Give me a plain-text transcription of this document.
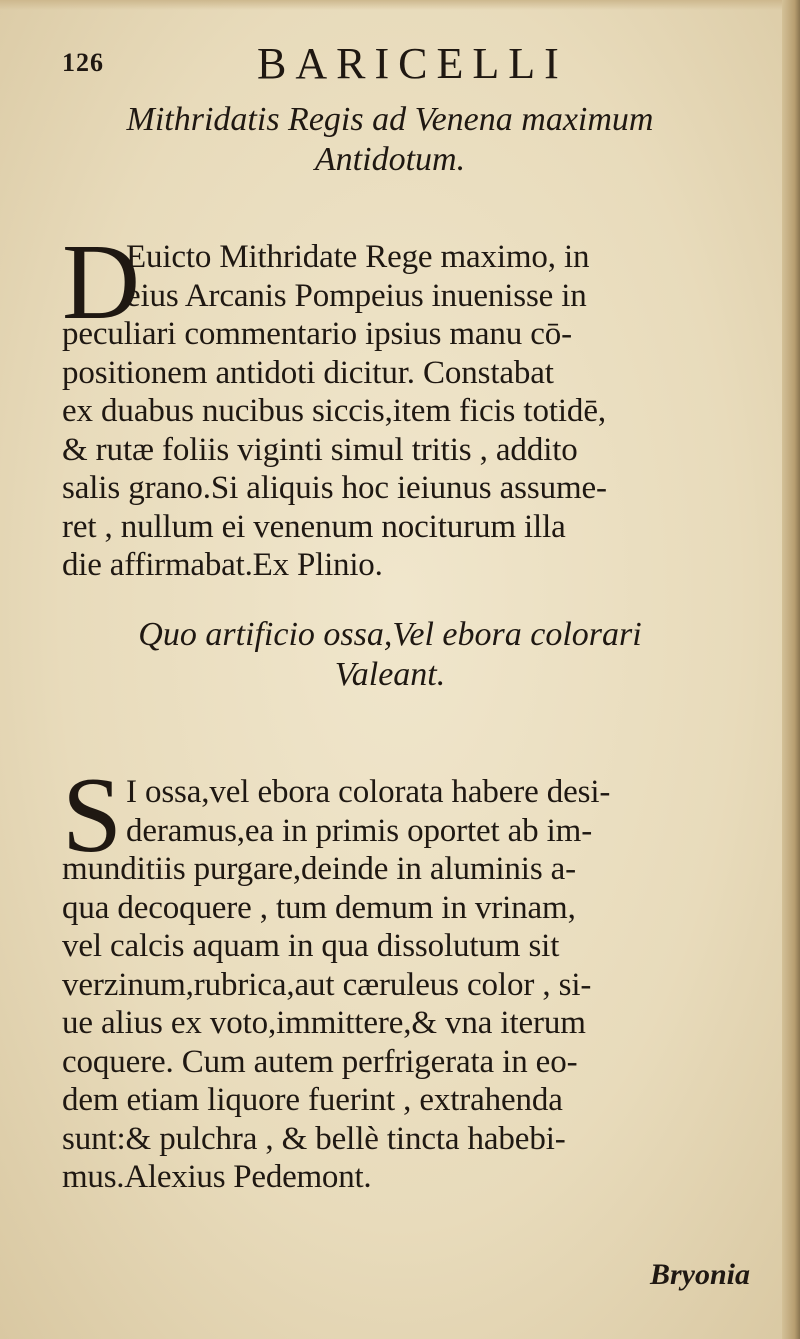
126	BARICELLI
Mithridatis Regis ad Venena maximum
Antidotum.
D
Euicto Mithridate Rege maximo, in
eius Arcanis Pompeius inuenisse in
peculiari commentario ipsius manu cō-
positionem antidoti dicitur. Constabat
ex duabus nucibus siccis,item ficis totidē,
& rutæ foliis viginti simul tritis , addito
salis grano.Si aliquis hoc ieiunus assume-
ret , nullum ei venenum nociturum illa
die affirmabat.Ex Plinio.
Quo artificio ossa,Vel ebora colorari
Valeant.
S I ossa,vel ebora colorata habere desi-
deramus,ea in primis oportet ab im-
munditiis purgare,deinde in aluminis a-
qua decoquere , tum demum in vrinam,
vel calcis aquam in qua dissolutum sit
verzinum,rubrica,aut cæruleus color , si-
ue alius ex voto,immittere,& vna iterum
coquere. Cum autem perfrigerata in eo-
dem etiam liquore fuerint , extrahenda
sunt:& pulchra , & bellè tincta habebi-
mus.Alexius Pedemont.
Bryonia
